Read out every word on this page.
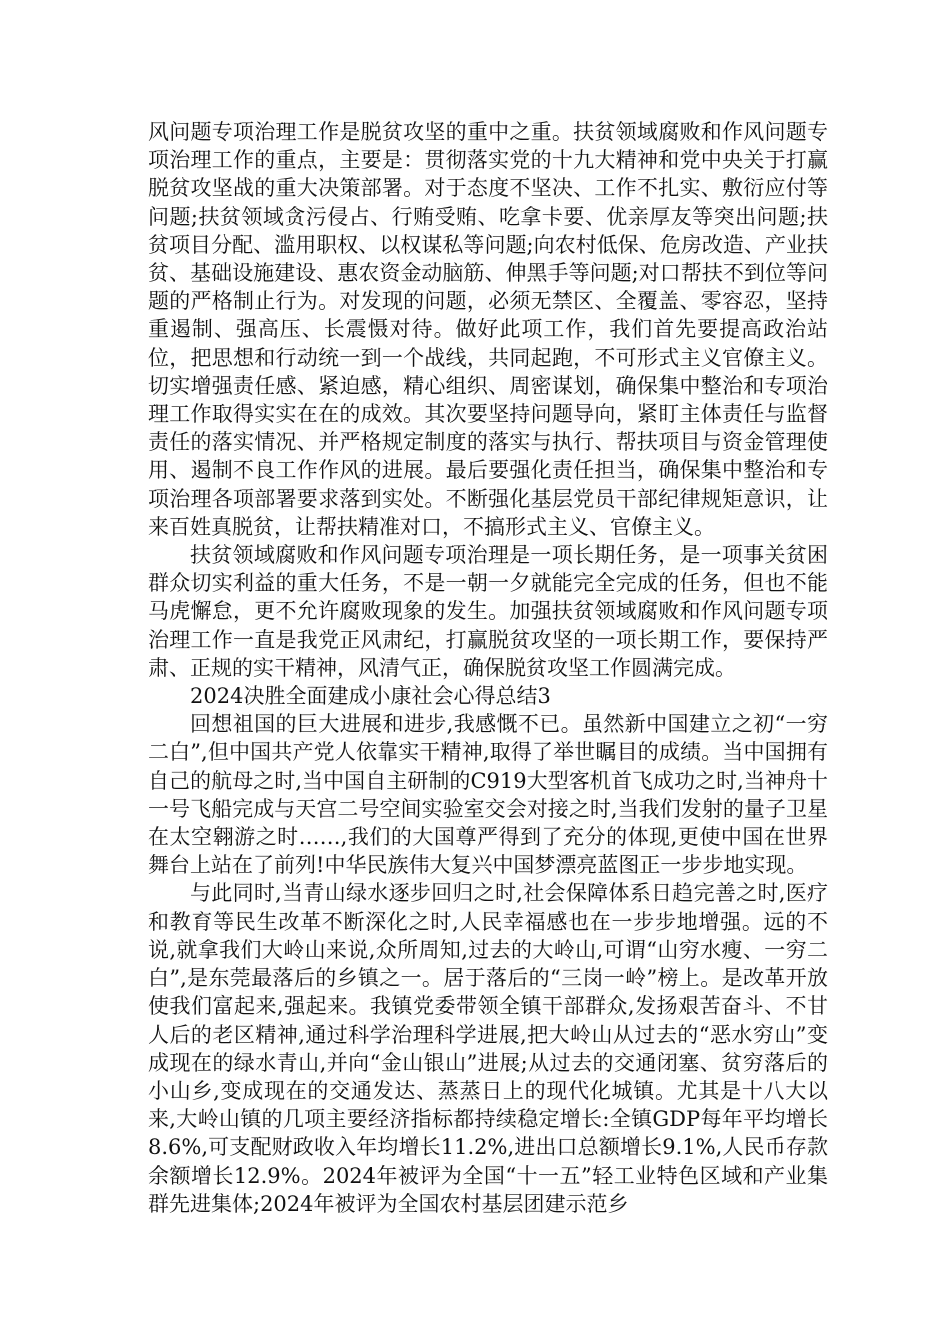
风问题专项治理工作是脱贫攻坚的重中之重。扶贫领域腐败和作风问题专项治理工作的重点，主要是：贯彻落实党的十九大精神和党中央关于打赢脱贫攻坚战的重大决策部署。对于态度不坚决、工作不扎实、敷衍应付等问题;扶贫领域贪污侵占、行贿受贿、吃拿卡要、优亲厚友等突出问题;扶贫项目分配、滥用职权、以权谋私等问题;向农村低保、危房改造、产业扶贫、基础设施建设、惠农资金动脑筋、伸黑手等问题;对口帮扶不到位等问题的严格制止行为。对发现的问题，必须无禁区、全覆盖、零容忍，坚持重遏制、强高压、长震慑对待。做好此项工作，我们首先要提高政治站位，把思想和行动统一到一个战线，共同起跑，不可形式主义官僚主义。切实增强责任感、紧迫感，精心组织、周密谋划，确保集中整治和专项治理工作取得实实在在的成效。其次要坚持问题导向，紧盯主体责任与监督责任的落实情况、并严格规定制度的落实与执行、帮扶项目与资金管理使用、遏制不良工作作风的进展。最后要强化责任担当，确保集中整治和专项治理各项部署要求落到实处。不断强化基层党员干部纪律规矩意识，让来百姓真脱贫，让帮扶精准对口，不搞形式主义、官僚主义。

扶贫领域腐败和作风问题专项治理是一项长期任务，是一项事关贫困群众切实利益的重大任务，不是一朝一夕就能完全完成的任务，但也不能马虎懈怠，更不允许腐败现象的发生。加强扶贫领域腐败和作风问题专项治理工作一直是我党正风肃纪，打赢脱贫攻坚的一项长期工作，要保持严肃、正规的实干精神，风清气正，确保脱贫攻坚工作圆满完成。

2024决胜全面建成小康社会心得总结3

回想祖国的巨大进展和进步,我感慨不已。虽然新中国建立之初“一穷二白”,但中国共产党人依靠实干精神,取得了举世瞩目的成绩。当中国拥有自己的航母之时,当中国自主研制的C919大型客机首飞成功之时,当神舟十一号飞船完成与天宫二号空间实验室交会对接之时,当我们发射的量子卫星在太空翱游之时……,我们的大国尊严得到了充分的体现,更使中国在世界舞台上站在了前列!中华民族伟大复兴中国梦漂亮蓝图正一步步地实现。

与此同时,当青山绿水逐步回归之时,社会保障体系日趋完善之时,医疗和教育等民生改革不断深化之时,人民幸福感也在一步步地增强。远的不说,就拿我们大岭山来说,众所周知,过去的大岭山,可谓“山穷水瘦、一穷二白”,是东莞最落后的乡镇之一。居于落后的“三岗一岭”榜上。是改革开放使我们富起来,强起来。我镇党委带领全镇干部群众,发扬艰苦奋斗、不甘人后的老区精神,通过科学治理科学进展,把大岭山从过去的“恶水穷山”变成现在的绿水青山,并向“金山银山”进展;从过去的交通闭塞、贫穷落后的小山乡,变成现在的交通发达、蒸蒸日上的现代化城镇。尤其是十八大以来,大岭山镇的几项主要经济指标都持续稳定增长:全镇GDP每年平均增长8.6%,可支配财政收入年均增长11.2%,进出口总额增长9.1%,人民币存款余额增长12.9%。2024年被评为全国“十一五”轻工业特色区域和产业集群先进集体;2024年被评为全国农村基层团建示范乡
